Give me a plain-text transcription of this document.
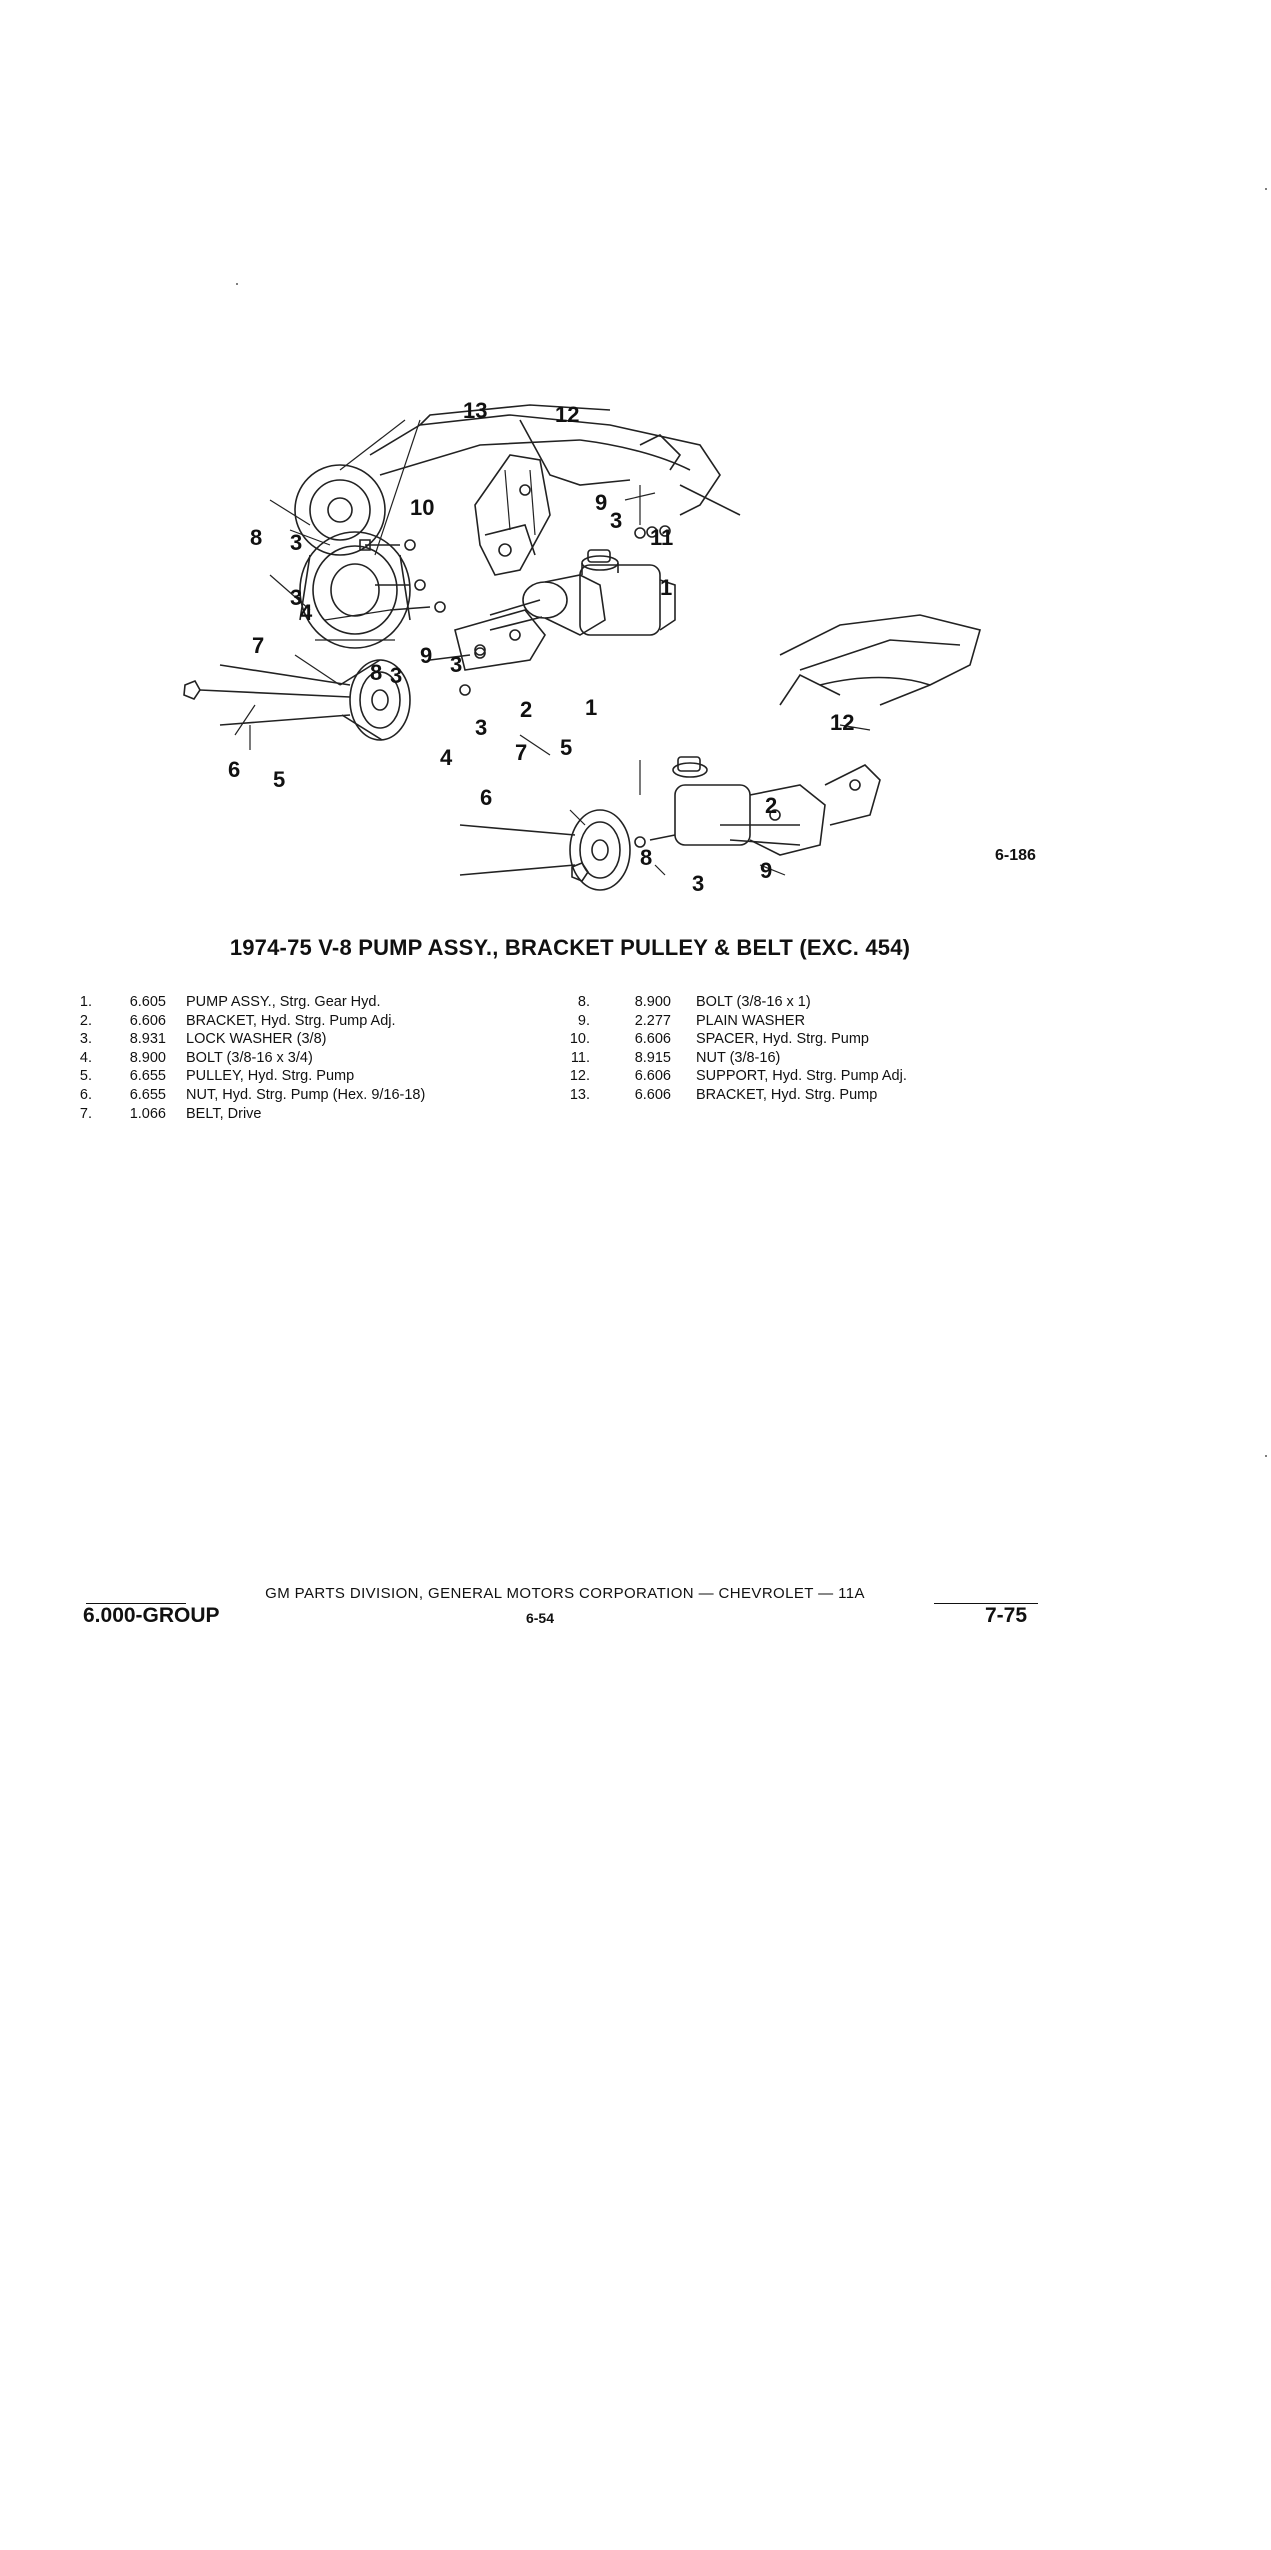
13	12
10	9
3
11
1
8 3
4
3
7	9 3
8 3
2
3
4
6 5
1
12
7 5
6
8
3
9
2
6-186
1974-75 V-8 PUMP ASSY., BRACKET PULLEY & BELT (EXC. 454)
1.	6.605	PUMP ASSY., Strg. Gear Hyd.
2.	6.606	BRACKET, Hyd. Strg. Pump Adj.
3.	8.931	LOCK WASHER (3/8)
4.	8.900	BOLT (3/8-16 x 3/4)
5.	6.655	PULLEY, Hyd. Strg. Pump
6.	6.655	NUT, Hyd. Strg. Pump (Hex. 9/16-18)
7.	1.066	BELT, Drive
8.	8.900	BOLT (3/8-16 x 1)
9.	2.277	PLAIN WASHER
10.	6.606	SPACER, Hyd. Strg. Pump
11.	8.915	NUT (3/8-16)
12.	6.606	SUPPORT, Hyd. Strg. Pump Adj.
13.	6.606	BRACKET, Hyd. Strg. Pump
GM PARTS DIVISION, GENERAL MOTORS CORPORATION — CHEVROLET — 11A
6.000-GROUP	6-54	7-75
